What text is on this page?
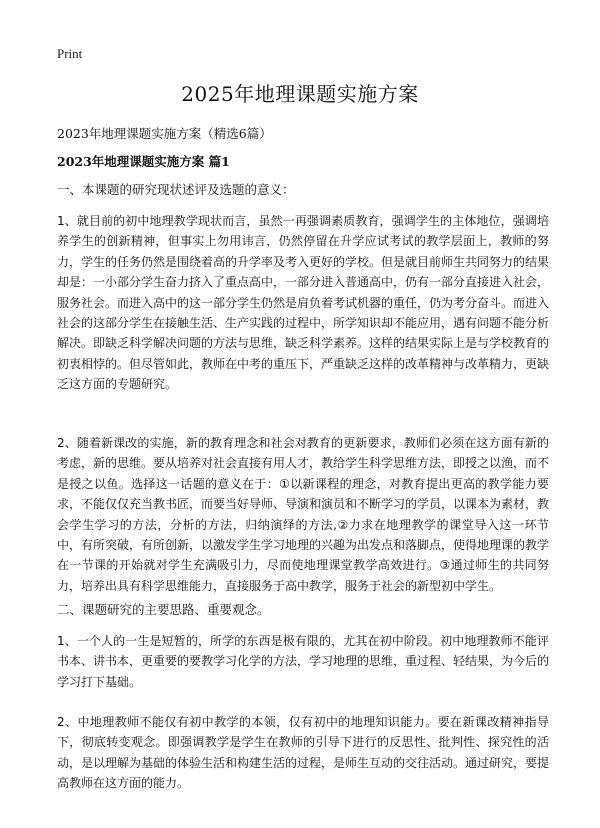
Print
2025年地理课题实施方案

2023年地理课题实施方案（精选6篇）

2023年地理课题实施方案 篇1

一、本课题的研究现状述评及选题的意义：

1、就目前的初中地理教学现状而言，虽然一再强调素质教育，强调学生的主体地位，强调培养学生的创新精神，但事实上勿用讳言，仍然停留在升学应试考试的教学层面上，教师的努力，学生的任务仍然是围绕着高的升学率及考入更好的学校。但是就目前师生共同努力的结果却是：一小部分学生奋力挤入了重点高中，一部分进入普通高中，仍有一部分直接进入社会，服务社会。而进入高中的这一部分学生仍然是肩负着考试机器的重任，仍为考分奋斗。而进入社会的这部分学生在接触生活、生产实践的过程中，所学知识却不能应用，遇有问题不能分析解决。即缺乏科学解决问题的方法与思维，缺乏科学素养。这样的结果实际上是与学校教育的初衷相悖的。但尽管如此，教师在中考的重压下，严重缺乏这样的改革精神与改革精力，更缺乏这方面的专题研究。

2、随着新课改的实施，新的教育理念和社会对教育的更新要求，教师们必须在这方面有新的考虑，新的思维。要从培养对社会直接有用人才，教给学生科学思维方法，即授之以渔，而不是授之以鱼。选择这一话题的意义在于：①以新课程的理念，对教育提出更高的教学能力要求，不能仅仅充当教书匠，而要当好导师、导演和演员和不断学习的学员，以课本为素材，教会学生学习的方法，分析的方法，归纳演绎的方法,②力求在地理教学的课堂导入这一环节中，有所突破，有所创新，以激发学生学习地理的兴趣为出发点和落脚点，使得地理课的教学在一节课的开始就对学生充满吸引力，尽而使地理课堂教学高效进行。③通过师生的共同努力，培养出具有科学思维能力，直接服务于高中教学，服务于社会的新型初中学生。

二、课题研究的主要思路、重要观念。

1、一个人的一生是短暂的，所学的东西是极有限的，尤其在初中阶段。初中地理教师不能评书本、讲书本，更重要的要教学习化学的方法，学习地理的思维，重过程、轻结果，为今后的学习打下基础。

2、中地理教师不能仅有初中教学的本领，仅有初中的地理知识能力。要在新课改精神指导下，彻底转变观念。即强调教学是学生在教师的引导下进行的反思性、批判性、探究性的活动，是以理解为基础的体验生活和构建生活的过程，是师生互动的交往活动。通过研究，要提高教师在这方面的能力。
